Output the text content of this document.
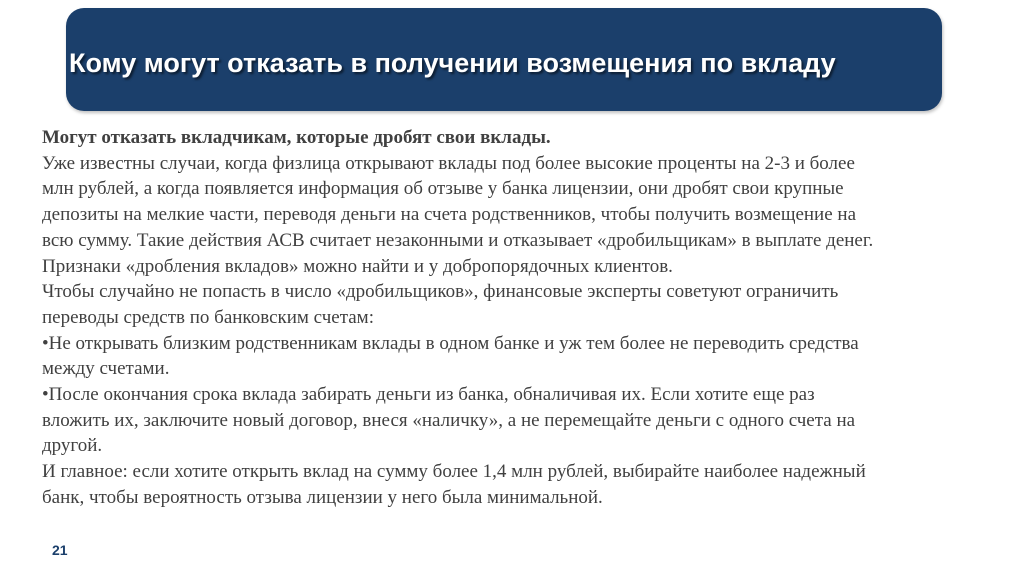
Кому могут отказать в получении возмещения по вкладу
Могут отказать вкладчикам, которые дробят свои вклады.
Уже известны случаи, когда физлица открывают вклады под более высокие проценты на 2-3 и более
млн рублей, а когда появляется информация об отзыве у банка лицензии, они дробят свои крупные
депозиты на мелкие части, переводя деньги на счета родственников, чтобы получить возмещение на
всю сумму. Такие действия АСВ считает незаконными и отказывает «дробильщикам» в выплате денег.
Признаки «дробления вкладов» можно найти и у добропорядочных клиентов.
Чтобы случайно не попасть в число «дробильщиков», финансовые эксперты советуют ограничить
переводы средств по банковским счетам:
•Не открывать близким родственникам вклады в одном банке и уж тем более не переводить средства
между счетами.
•После окончания срока вклада забирать деньги из банка, обналичивая их. Если хотите еще раз
вложить их, заключите новый договор, внеся «наличку», а не перемещайте деньги с одного счета на
другой.
И главное: если хотите открыть вклад на сумму более 1,4 млн рублей, выбирайте наиболее надежный
банк, чтобы вероятность отзыва лицензии у него была минимальной.
21
